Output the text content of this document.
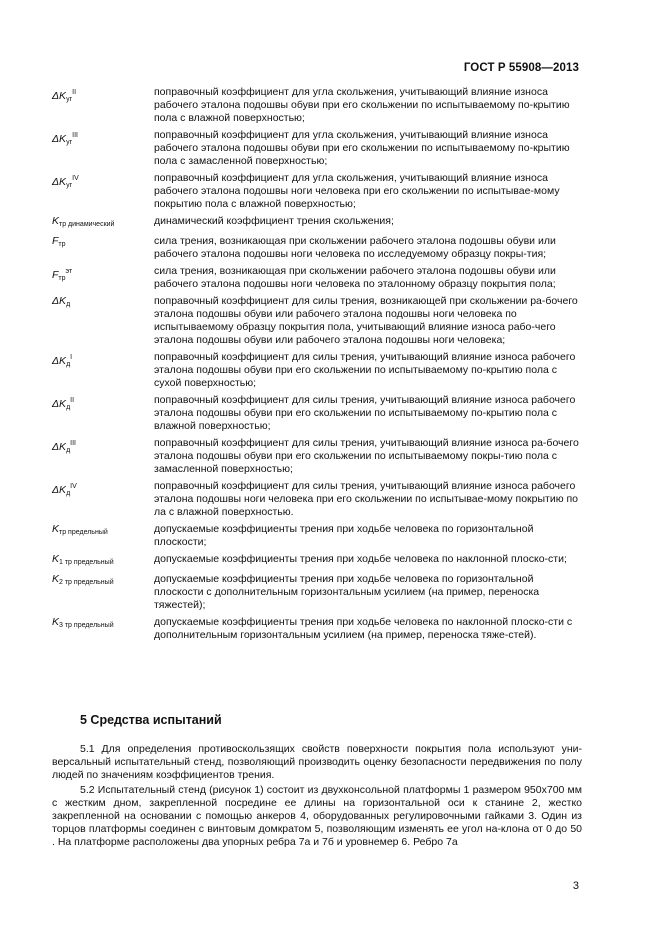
ГОСТ Р 55908—2013
$\Delta K_{уг}^{II}$	поправочный коэффициент для угла скольжения, учитывающий влияние износа рабочего эталона подошвы обуви при его скольжении по испытываемому по-крытию пола с влажной поверхностью;
$\Delta K_{уг}^{III}$	поправочный коэффициент для угла скольжения, учитывающий влияние износа рабочего эталона подошвы обуви при его скольжении по испытываемому по-крытию пола с замасленной поверхностью;
$\Delta K_{уг}^{IV}$	поправочный коэффициент для угла скольжения, учитывающий влияние износа рабочего эталона подошвы ноги человека при его скольжении по испытывае-мому покрытию пола с влажной поверхностью;
$K_{тр динамический}$	динамический коэффициент трения скольжения;
$F_{тр}$	сила трения, возникающая при скольжении рабочего эталона подошвы обуви или рабочего эталона подошвы ноги человека по исследуемому образцу покры-тия;
$F_{тр}^{эт}$	сила трения, возникающая при скольжении рабочего эталона подошвы обуви или рабочего эталона подошвы ноги человека по эталонному образцу покрытия пола;
$\Delta K_д$	поправочный коэффициент для силы трения, возникающей при скольжении ра-бочего эталона подошвы обуви или рабочего эталона подошвы ноги человека по испытываемому образцу покрытия пола, учитывающий влияние износа рабо-чего эталона подошвы обуви или рабочего эталона подошвы ноги человека;
$\Delta K_д^I$	поправочный коэффициент для силы трения, учитывающий влияние износа рабочего эталона подошвы обуви при его скольжении по испытываемому по-крытию пола с сухой поверхностью;
$\Delta K_д^{II}$	поправочный коэффициент для силы трения, учитывающий влияние износа рабочего эталона подошвы обуви при его скольжении по испытываемому по-крытию пола с влажной поверхностью;
$\Delta K_д^{III}$	поправочный коэффициент для силы трения, учитывающий влияние износа ра-бочего эталона подошвы обуви при его скольжении по испытываемому покры-тию пола с замасленной поверхностью;
$\Delta K_д^{IV}$	поправочный коэффициент для силы трения, учитывающий влияние износа рабочего эталона подошвы ноги человека при его скольжении по испытывае-мому покрытию по ла с влажной поверхностью.
$K_{тр предельный}$	допускаемые коэффициенты трения при ходьбе человека по горизонтальной плоскости;
$K_{1 тр предельный}$	допускаемые коэффициенты трения при ходьбе человека по наклонной плоско-сти;
$K_{2 тр предельный}$	допускаемые коэффициенты трения при ходьбе человека по горизонтальной плоскости с дополнительным горизонтальным усилием (на пример, переноска тяжестей);
$K_{3 тр предельный}$	допускаемые коэффициенты трения при ходьбе человека по наклонной плоско-сти с дополнительным горизонтальным усилием (на пример, переноска тяже-стей).
5 Средства испытаний

5.1 Для определения противоскользящих свойств поверхности покрытия пола используют уни-версальный испытательный стенд, позволяющий производить оценку безопасности передвижения по полу людей по значениям коэффициентов трения.

5.2 Испытательный стенд (рисунок 1) состоит из двухконсольной платформы 1 размером 950х700 мм с жестким дном, закрепленной посредине ее длины на горизонтальной оси к станине 2, жестко закрепленной на основании с помощью анкеров 4, оборудованных регулировочными гайками 3. Один из торцов платформы соединен с винтовым домкратом 5, позволяющим изменять ее угол на-клона от 0 до 50 . На платформе расположены два упорных ребра 7а и 7б и уровнемер 6. Ребро 7а

3
